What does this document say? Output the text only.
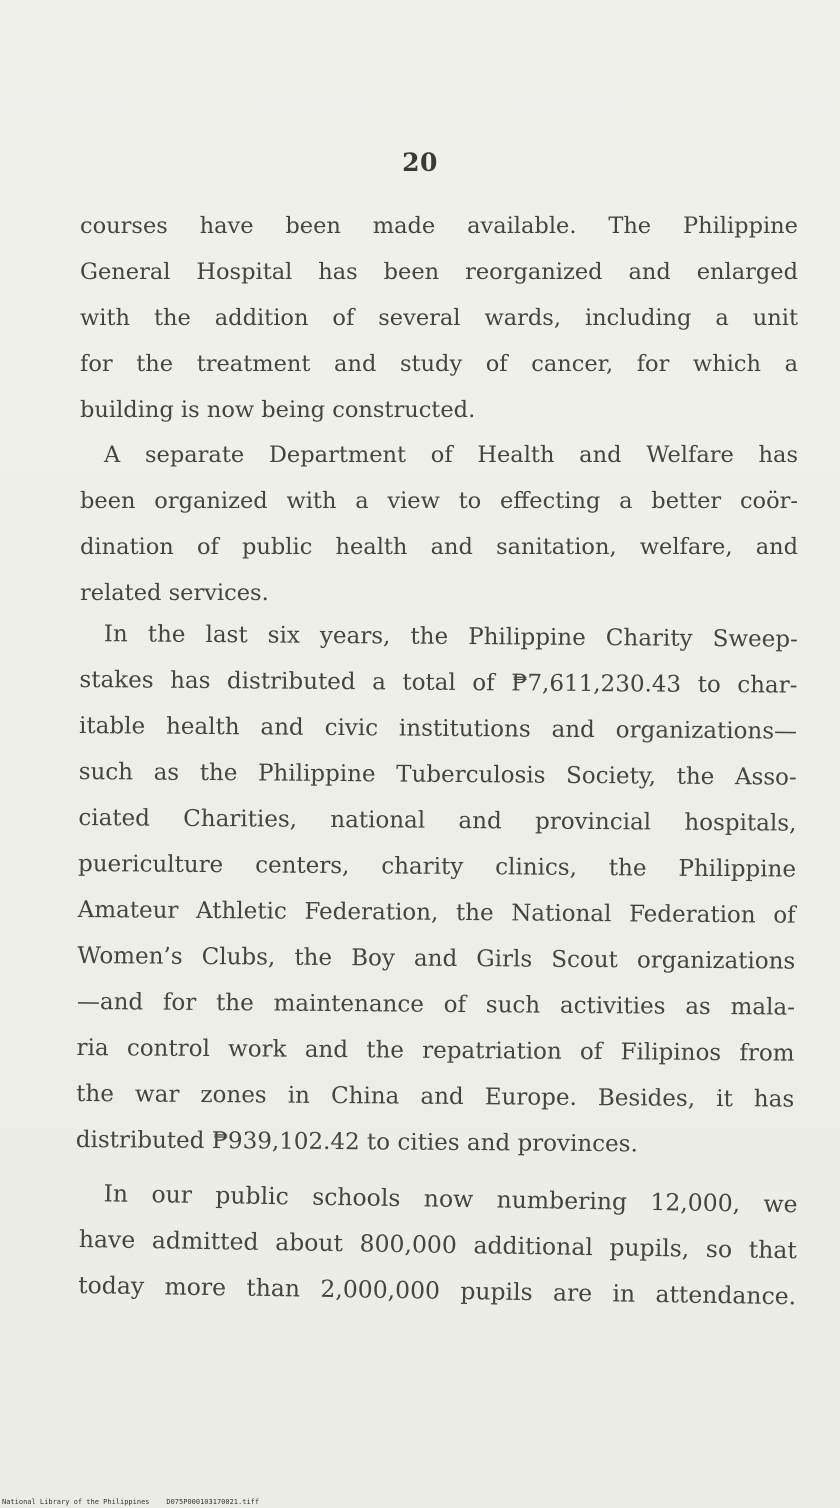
20
courses have been made available. The Philippine
General Hospital has been reorganized and enlarged
with the addition of several wards, including a unit
for the treatment and study of cancer, for which a
building is now being constructed.
A separate Department of Health and Welfare has
been organized with a view to effecting a better coör-
dination of public health and sanitation, welfare, and
related services.
In the last six years, the Philippine Charity Sweep-
stakes has distributed a total of ₱7,611,230.43 to char-
itable health and civic institutions and organizations—
such as the Philippine Tuberculosis Society, the Asso-
ciated Charities, national and provincial hospitals,
puericulture centers, charity clinics, the Philippine
Amateur Athletic Federation, the National Federation of
Women’s Clubs, the Boy and Girls Scout organizations
—and for the maintenance of such activities as mala-
ria control work and the repatriation of Filipinos from
the war zones in China and Europe. Besides, it has
distributed ₱939,102.42 to cities and provinces.
In our public schools now numbering 12,000, we
have admitted about 800,000 additional pupils, so that
today more than 2,000,000 pupils are in attendance.
National Library of the Philippines D075P000103170021.tiff
